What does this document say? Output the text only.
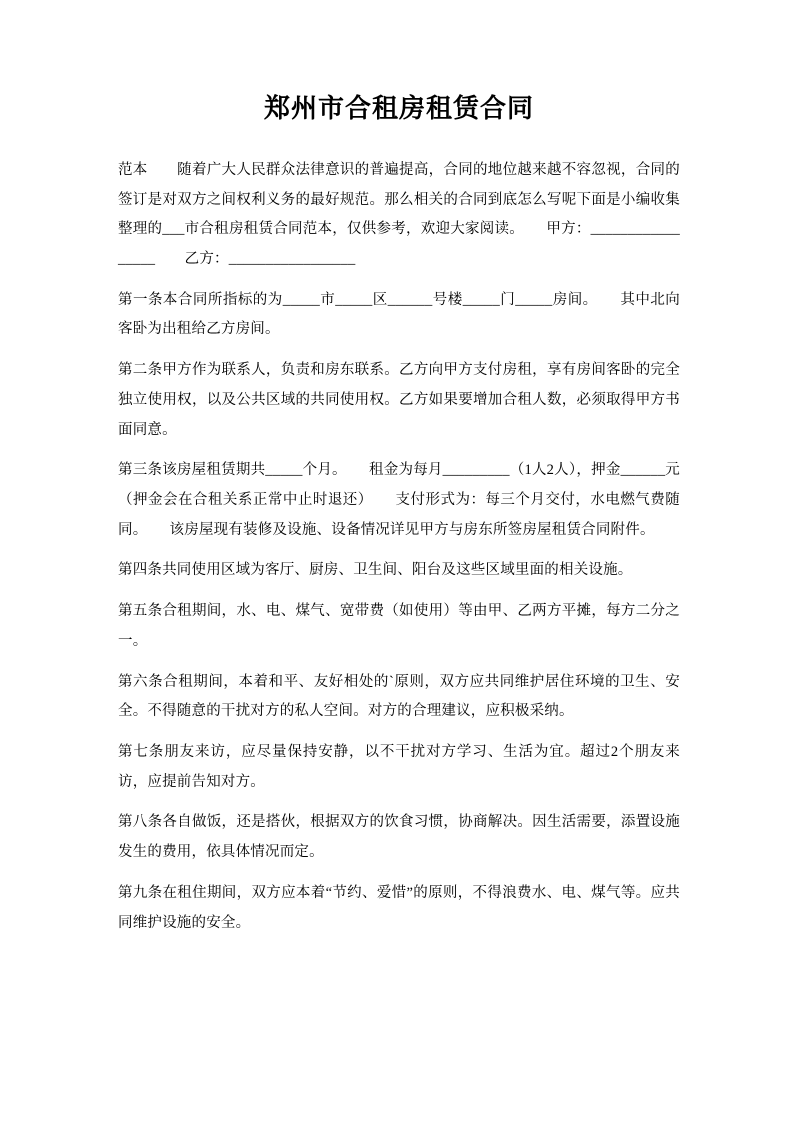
郑州市合租房租赁合同

范本　　随着广大人民群众法律意识的普遍提高，合同的地位越来越不容忽视，合同的签订是对双方之间权利义务的最好规范。那么相关的合同到底怎么写呢下面是小编收集整理的___市合租房租赁合同范本，仅供参考，欢迎大家阅读。　　甲方：_________________　　乙方：_________________

第一条本合同所指标的为_____市_____区______号楼_____门_____房间。　　其中北向客卧为出租给乙方房间。

第二条甲方作为联系人，负责和房东联系。乙方向甲方支付房租，享有房间客卧的完全独立使用权，以及公共区域的共同使用权。乙方如果要增加合租人数，必须取得甲方书面同意。

第三条该房屋租赁期共_____个月。　　租金为每月_________（1人2人），押金______元（押金会在合租关系正常中止时退还）　　支付形式为：每三个月交付，水电燃气费随同。　　该房屋现有装修及设施、设备情况详见甲方与房东所签房屋租赁合同附件。

第四条共同使用区域为客厅、厨房、卫生间、阳台及这些区域里面的相关设施。

第五条合租期间，水、电、煤气、宽带费（如使用）等由甲、乙两方平摊，每方二分之一。

第六条合租期间，本着和平、友好相处的`原则，双方应共同维护居住环境的卫生、安全。不得随意的干扰对方的私人空间。对方的合理建议，应积极采纳。

第七条朋友来访，应尽量保持安静，以不干扰对方学习、生活为宜。超过2个朋友来访，应提前告知对方。

第八条各自做饭，还是搭伙，根据双方的饮食习惯，协商解决。因生活需要，添置设施发生的费用，依具体情况而定。

第九条在租住期间，双方应本着“节约、爱惜”的原则，不得浪费水、电、煤气等。应共同维护设施的安全。
